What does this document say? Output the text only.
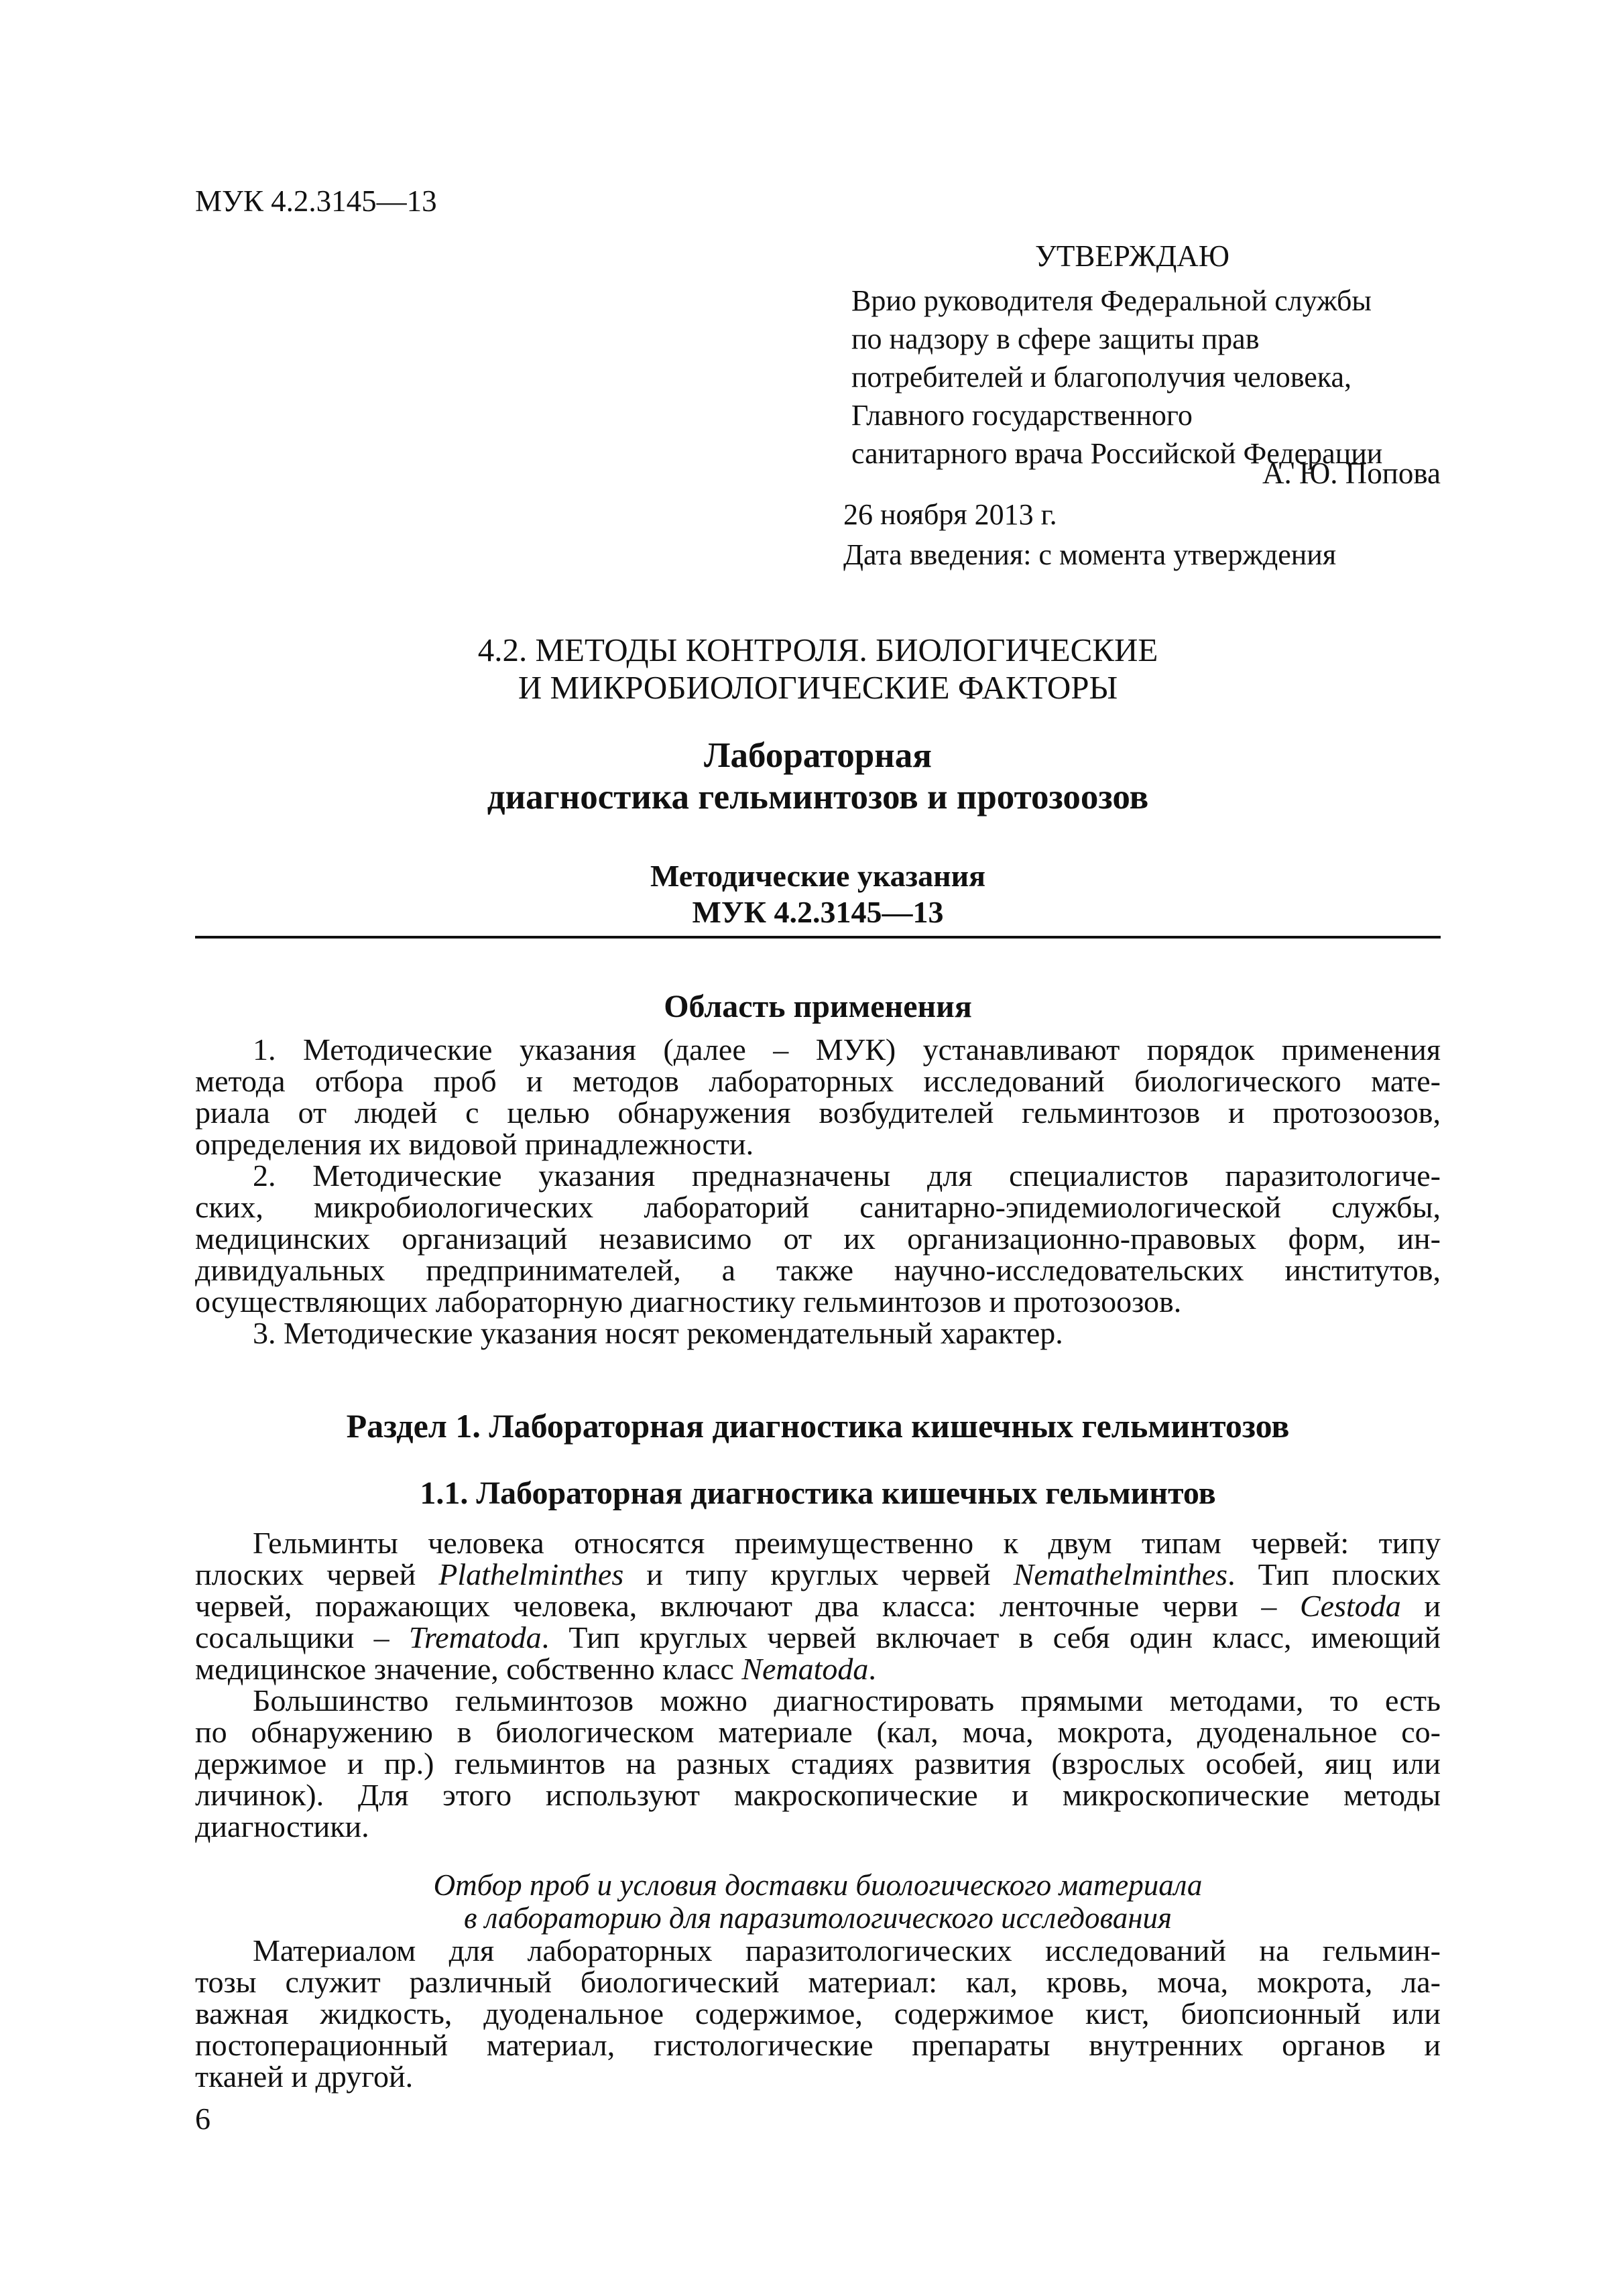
МУК 4.2.3145—13
УТВЕРЖДАЮ
Врио руководителя Федеральной службы
по надзору в сфере защиты прав
потребителей и благополучия человека,
Главного государственного
санитарного врача Российской Федерации
А. Ю. Попова
26 ноября 2013 г.
Дата введения: с момента утверждения
4.2. МЕТОДЫ КОНТРОЛЯ. БИОЛОГИЧЕСКИЕ
И МИКРОБИОЛОГИЧЕСКИЕ ФАКТОРЫ
Лабораторная
диагностика гельминтозов и протозоозов
Методические указания
МУК 4.2.3145—13
Область применения
1. Методические указания (далее – МУК) устанавливают порядок применения
метода отбора проб и методов лабораторных исследований биологического мате-
риала от людей с целью обнаружения возбудителей гельминтозов и протозоозов,
определения их видовой принадлежности.
2. Методические указания предназначены для специалистов паразитологиче-
ских, микробиологических лабораторий санитарно-эпидемиологической службы,
медицинских организаций независимо от их организационно-правовых форм, ин-
дивидуальных предпринимателей, а также научно-исследовательских институтов,
осуществляющих лабораторную диагностику гельминтозов и протозоозов.
3. Методические указания носят рекомендательный характер.
Раздел 1. Лабораторная диагностика кишечных гельминтозов
1.1. Лабораторная диагностика кишечных гельминтов
Гельминты человека относятся преимущественно к двум типам червей: типу
плоских червей Plathelminthes и типу круглых червей Nemathelminthes. Тип плоских
червей, поражающих человека, включают два класса: ленточные черви – Cestoda и
сосальщики – Trematoda. Тип круглых червей включает в себя один класс, имеющий
медицинское значение, собственно класс Nematoda.
Большинство гельминтозов можно диагностировать прямыми методами, то есть
по обнаружению в биологическом материале (кал, моча, мокрота, дуоденальное со-
держимое и пр.) гельминтов на разных стадиях развития (взрослых особей, яиц или
личинок). Для этого используют макроскопические и микроскопические методы
диагностики.
Отбор проб и условия доставки биологического материала
в лабораторию для паразитологического исследования
Материалом для лабораторных паразитологических исследований на гельмин-
тозы служит различный биологический материал: кал, кровь, моча, мокрота, ла-
важная жидкость, дуоденальное содержимое, содержимое кист, биопсионный или
постоперационный материал, гистологические препараты внутренних органов и
тканей и другой.
6
